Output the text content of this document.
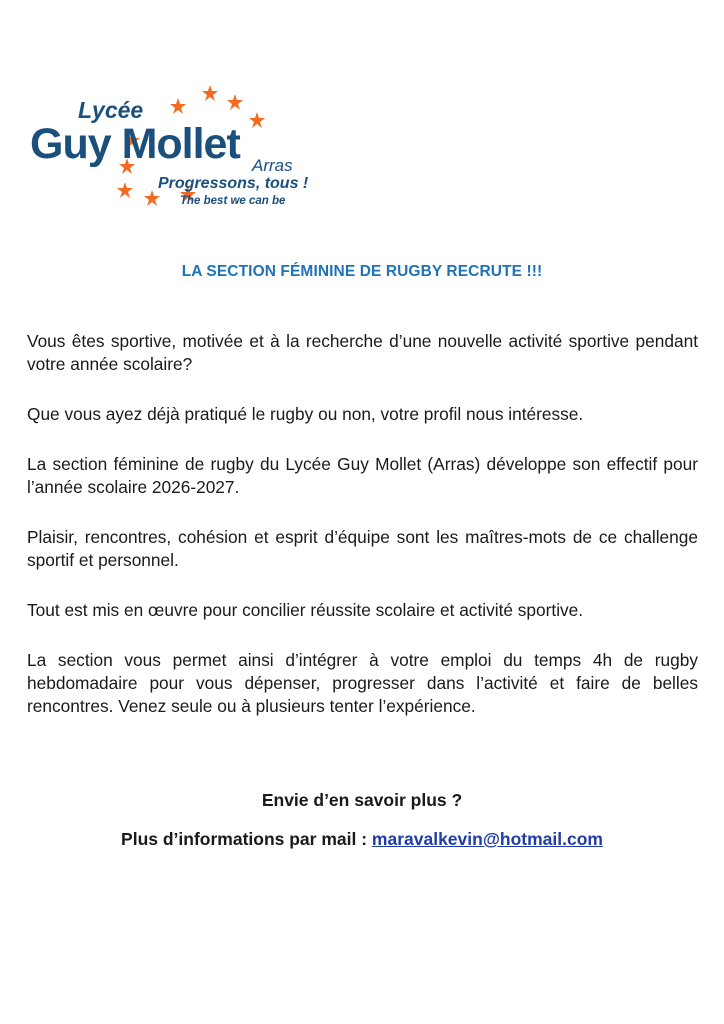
Lycée
Guy Mollet Arras
Progressons, tous !
The best we can be
LA SECTION FÉMININE DE RUGBY RECRUTE !!!

Vous êtes sportive, motivée et à la recherche d’une nouvelle activité sportive pendant votre année scolaire?

Que vous ayez déjà pratiqué le rugby ou non, votre profil nous intéresse.

La section féminine de rugby du Lycée Guy Mollet (Arras) développe son effectif pour l’année scolaire 2026-2027.

Plaisir, rencontres, cohésion et esprit d’équipe sont les maîtres-mots de ce challenge sportif et personnel.

Tout est mis en œuvre pour concilier réussite scolaire et activité sportive.

La section vous permet ainsi d’intégrer à votre emploi du temps 4h de rugby hebdomadaire pour vous dépenser, progresser dans l’activité et faire de belles rencontres. Venez seule ou à plusieurs tenter l’expérience.

Envie d’en savoir plus ?
Plus d’informations par mail : maravalkevin@hotmail.com
